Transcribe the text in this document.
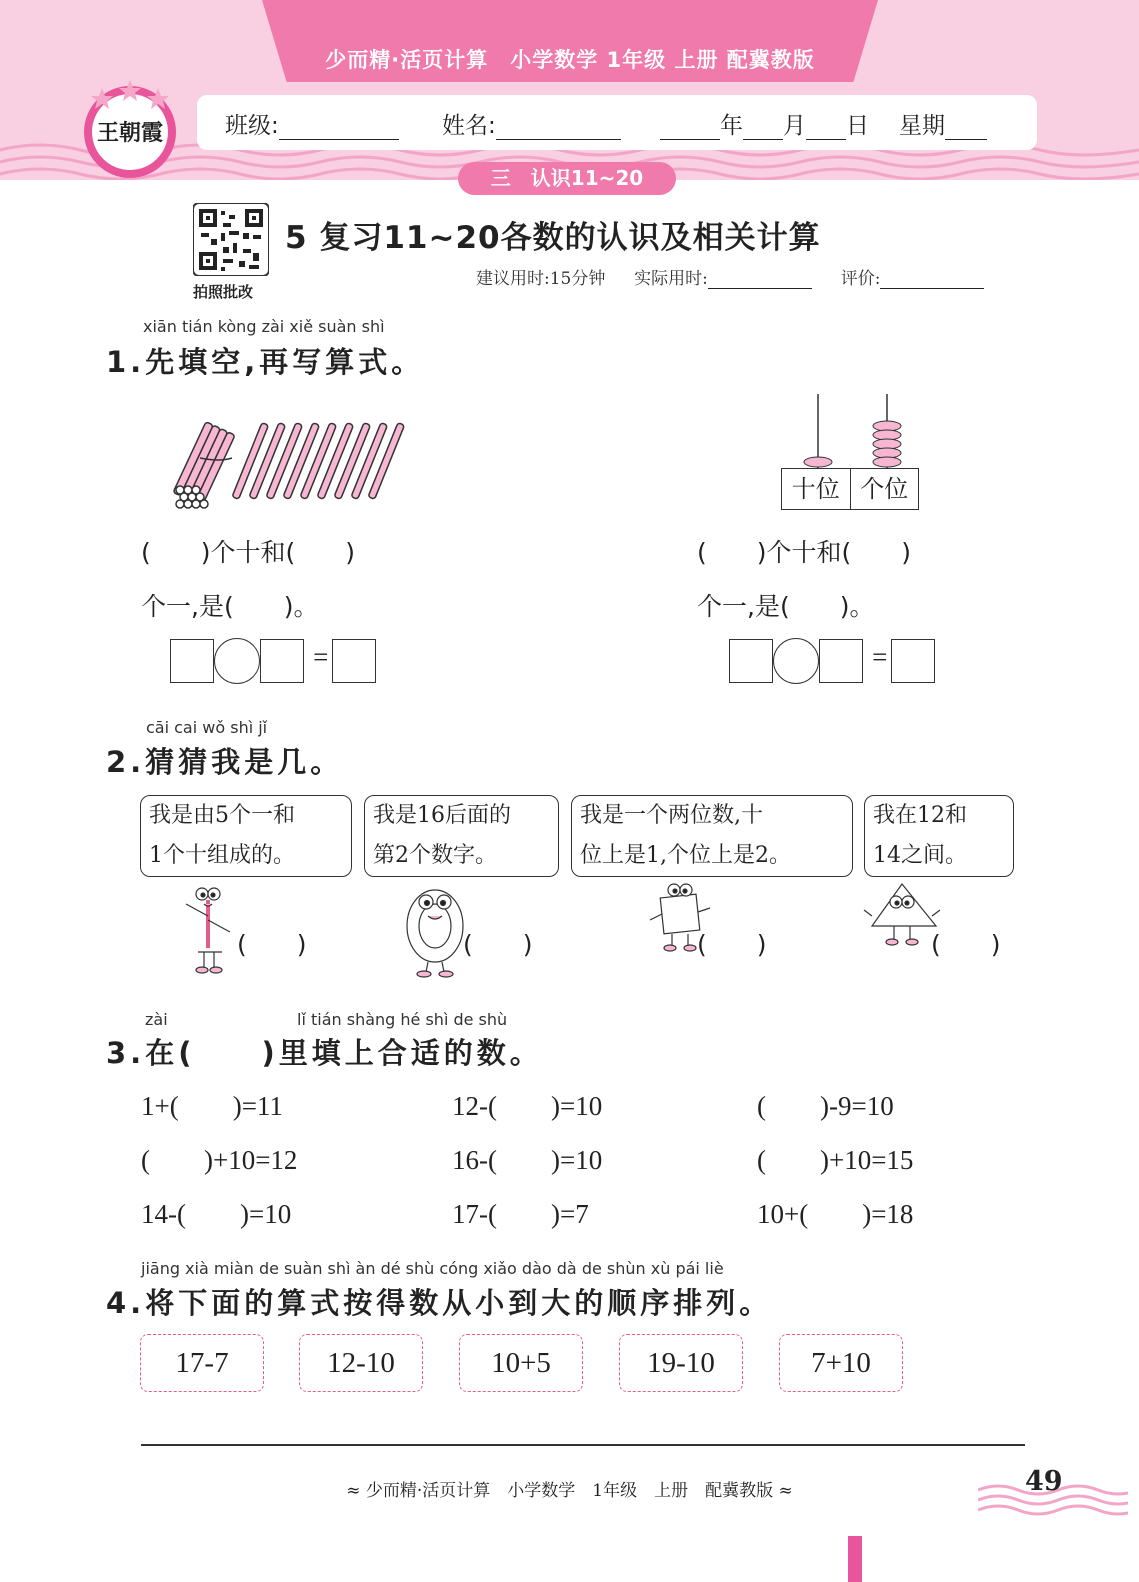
少而精·活页计算　小学数学 1年级 上册 配冀教版
班级:	姓名:	年 月 日 星期
三　认识11~20
王朝霞
拍照批改
5 复习11~20各数的认识及相关计算
建议用时:15分钟 实际用时:	评价:
xiān tián kòng zài xiě suàn shì
1.先填空,再写算式。
十位 个位
(　　)个十和(　　)
个一,是(　　)。
(　　)个十和(　　)
个一,是(　　)。
=	=
cāi cai wǒ shì jǐ
2.猜猜我是几。
我是由5个一和
1个十组成的。
我是16后面的
第2个数字。
我是一个两位数,十
位上是1,个位上是2。
我在12和
14之间。
(　　)	(　　)	(　　)	(　　)
zài	lǐ tián shàng hé shì de shù
3.在(　　)里填上合适的数。
1+(　　)=11	12-(　　)=10	(　　)-9=10
(　　)+10=12	16-(　　)=10	(　　)+10=15
14-(　　)=10	17-(　　)=7	10+(　　)=18
jiāng xià miàn de suàn shì àn dé shù cóng xiǎo dào dà de shùn xù pái liè
4.将下面的算式按得数从小到大的顺序排列。
17-7	12-10	10+5	19-10	7+10
≈ 少而精·活页计算　小学数学　1年级　上册　配冀教版 ≈	49
